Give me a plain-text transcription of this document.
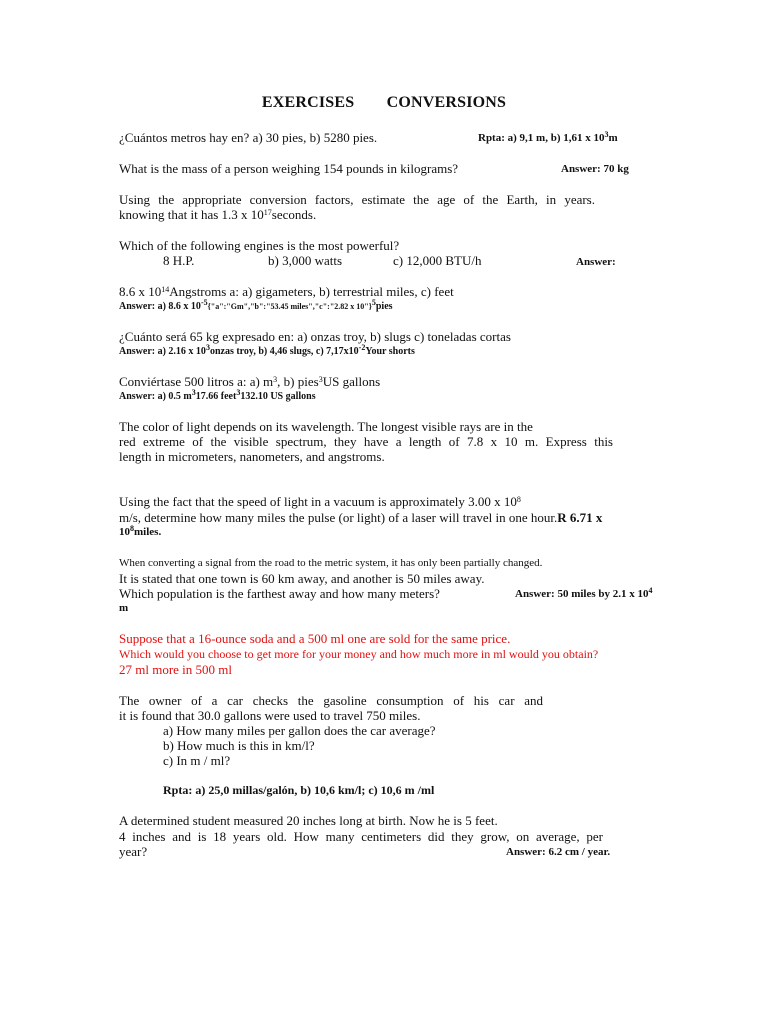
EXERCISES CONVERSIONS
¿Cuántos metros hay en? a) 30 pies, b) 5280 pies.	Rpta: a) 9,1 m, b) 1,61 x $10^3m$
What is the mass of a person weighing 154 pounds in kilograms?	Answer: 70 kg
Using the appropriate conversion factors, estimate the age of the Earth, in years.
knowing that it has 1.3 x $10^{17}seconds$.
Which of the following engines is the most powerful?
8 H.P.	b) 3,000 watts	c) 12,000 BTU/h	Answer:
8.6 x $10^{14}Angstroms$ a: a) gigameters, b) terrestrial miles, c) feet
Answer: a) 8.6 x $10^{-5}\{"a":"Gm","b":"53.45$ miles","c":"2.82 x 10"}$^5$pies
¿Cuánto será 65 kg expresado en: a) onzas troy, b) slugs c) toneladas cortas
Answer: a) 2.16 x $10^3onzas$ troy, b) 4,46 slugs, c) $7,17x10^{-2}Your$ shorts
Conviértase 500 litros a: a) $m^3$, b) pies$^3$US gallons
Answer: a) 0.5 $m^317.66$ feet$^3$132.10 US gallons
The color of light depends on its wavelength. The longest visible rays are in the
red extreme of the visible spectrum, they have a length of 7.8 x 10 m. Express this
length in micrometers, nanometers, and angstroms.
Using the fact that the speed of light in a vacuum is approximately 3.00 x $10^8$
m/s, determine how many miles the pulse (or light) of a laser will travel in one hour.R 6.71 x
$10^8miles$.
When converting a signal from the road to the metric system, it has only been partially changed.
It is stated that one town is 60 km away, and another is 50 miles away.
Which population is the farthest away and how many meters?	Answer: 50 miles by 2.1 x $10^4$
m
Suppose that a 16-ounce soda and a 500 ml one are sold for the same price.
Which would you choose to get more for your money and how much more in ml would you obtain?
27 ml more in 500 ml
The owner of a car checks the gasoline consumption of his car and
it is found that 30.0 gallons were used to travel 750 miles.
a) How many miles per gallon does the car average?
b) How much is this in km/l?
c) In m / ml?
Rpta: a) 25,0 millas/galón, b) 10,6 km/l; c) 10,6 m /ml
A determined student measured 20 inches long at birth. Now he is 5 feet.
4 inches and is 18 years old. How many centimeters did they grow, on average, per
year?	Answer: 6.2 cm / year.
